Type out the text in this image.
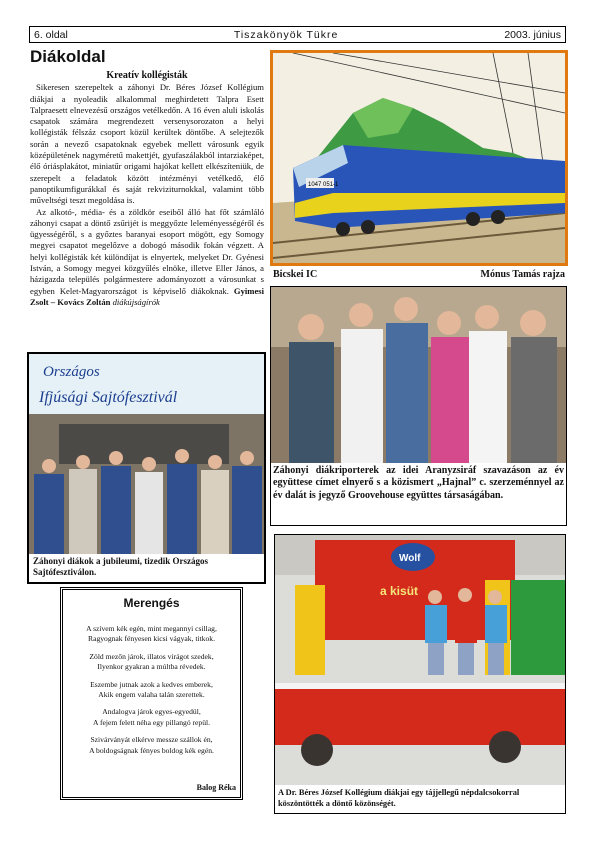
6. oldal	Tiszakönyök Tükre	2003. június
Diákoldal
Kreatív kollégisták

Sikeresen szerepeltek a záhonyi Dr. Béres József Kollégium diákjai a nyoleadik alkalommal meghirdetett Talpra Esett Talpraesett elnevezésű országos vetélkedőn. A 16 éven aluli iskolás csapatok számára megrendezett versenysorozaton a helyi kollégisták félszáz csoport közül kerültek döntőbe. A selejtezők során a nevező csapatoknak egyebek mellett városunk egyik középületének nagyméretű makettjét, gyufaszálakból intarziaképet, élő óriásplakátot, miniatűr origami hajókat kellett elkészíteniük, de szerepelt a feladatok között intézményi vetélkedő, élő panoptikumfigurákkal és saját rekviziturnokkal, valamint több műveltségi teszt megoldása is.

Az alkotó-, média- és a zöldkör eseiből álló hat főt számláló záhonyi csapat a döntő zsűrijét is meggyőzte leleményességéről és ügyességéről, s a győztes baranyai esoport mögött, egy Somogy megyei csapatot megelőzve a dobogó második fokán végzett. A helyi kollégisták két különdíjat is elnyertek, melyeket Dr. Gyénesi István, a Somogy megyei közgyűlés elnöke, illetve Eller János, a házigazda település polgármestere adományozott a városunkat s egyben Kelet-Magyarországot is képviselő diákoknak. Gyimesi Zsolt – Kovács Zoltán diákújságírók

1047 051-1
Bicskei IC	Mónus Tamás rajza
Záhonyi diákriporterek az idei Aranyzsiráf szavazáson az év együttese címet elnyerő s a közismert „Hajnal” c. szerzeménnyel az év dalát is jegyző Groovehouse együttes társaságában.
Országos
Ifjúsági Sajtófesztivál
Záhonyi diákok a jubileumi, tizedik Országos Sajtófesztiválon.
Merengés
A szívem kék egén, mint megannyi csillag,
Ragyognak fényesen kicsi vágyak, titkok.
Zöld mezőn járok, illatos virágot szedek,
Ilyenkor gyakran a múltba révedek.
Eszembe jutnak azok a kedves emberek,
Akik engem valaha talán szerettek.
Andalogva járok egyes-egyedül,
A fejem felett néha egy pillangó repül.
Szivárványát elkérve messze szállok én,
A boldogságnak fényes boldog kék egén.
Balog Réka
Wolf
a kisüt
A Dr. Béres József Kollégium diákjai egy tájjellegű népdalcsokorral köszöntötték a döntő közönségét.
